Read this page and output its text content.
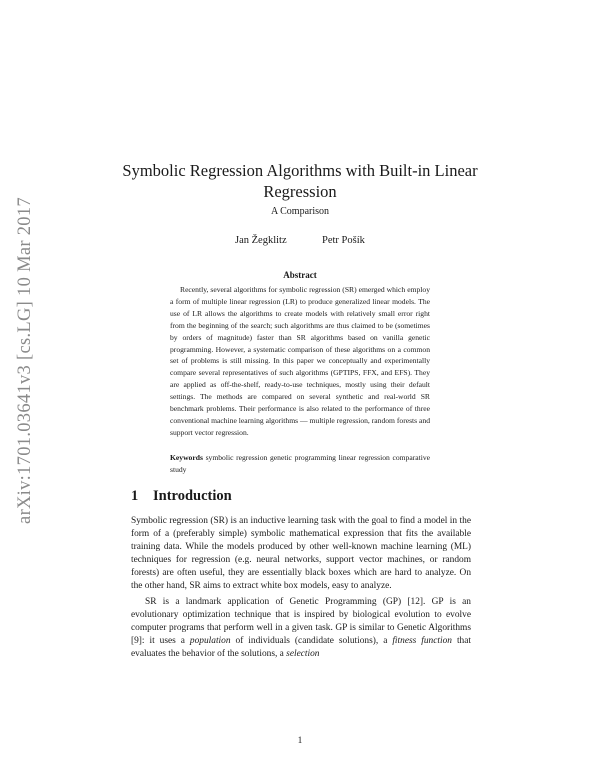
arXiv:1701.03641v3 [cs.LG] 10 Mar 2017
Symbolic Regression Algorithms with Built-in Linear Regression
A Comparison
Jan Žegklitz	Petr Pošík
Abstract

Recently, several algorithms for symbolic regression (SR) emerged which employ a form of multiple linear regression (LR) to produce generalized linear models. The use of LR allows the algorithms to create models with relatively small error right from the beginning of the search; such algorithms are thus claimed to be (sometimes by orders of magnitude) faster than SR algorithms based on vanilla genetic programming. However, a systematic comparison of these algorithms on a common set of problems is still missing. In this paper we conceptually and experimentally compare several representatives of such algorithms (GPTIPS, FFX, and EFS). They are applied as off-the-shelf, ready-to-use techniques, mostly using their default settings. The methods are compared on several synthetic and real-world SR benchmark problems. Their performance is also related to the performance of three conventional machine learning algorithms — multiple regression, random forests and support vector regression.

Keywords symbolic regression genetic programming linear regression comparative study

1 Introduction

Symbolic regression (SR) is an inductive learning task with the goal to find a model in the form of a (preferably simple) symbolic mathematical expression that fits the available training data. While the models produced by other well-known machine learning (ML) techniques for regression (e.g. neural networks, support vector machines, or random forests) are often useful, they are essentially black boxes which are hard to analyze. On the other hand, SR aims to extract white box models, easy to analyze.

SR is a landmark application of Genetic Programming (GP) [12]. GP is an evolutionary optimization technique that is inspired by biological evolution to evolve computer programs that perform well in a given task. GP is similar to Genetic Algorithms [9]: it uses a population of individuals (candidate solutions), a fitness function that evaluates the behavior of the solutions, a selection

1
